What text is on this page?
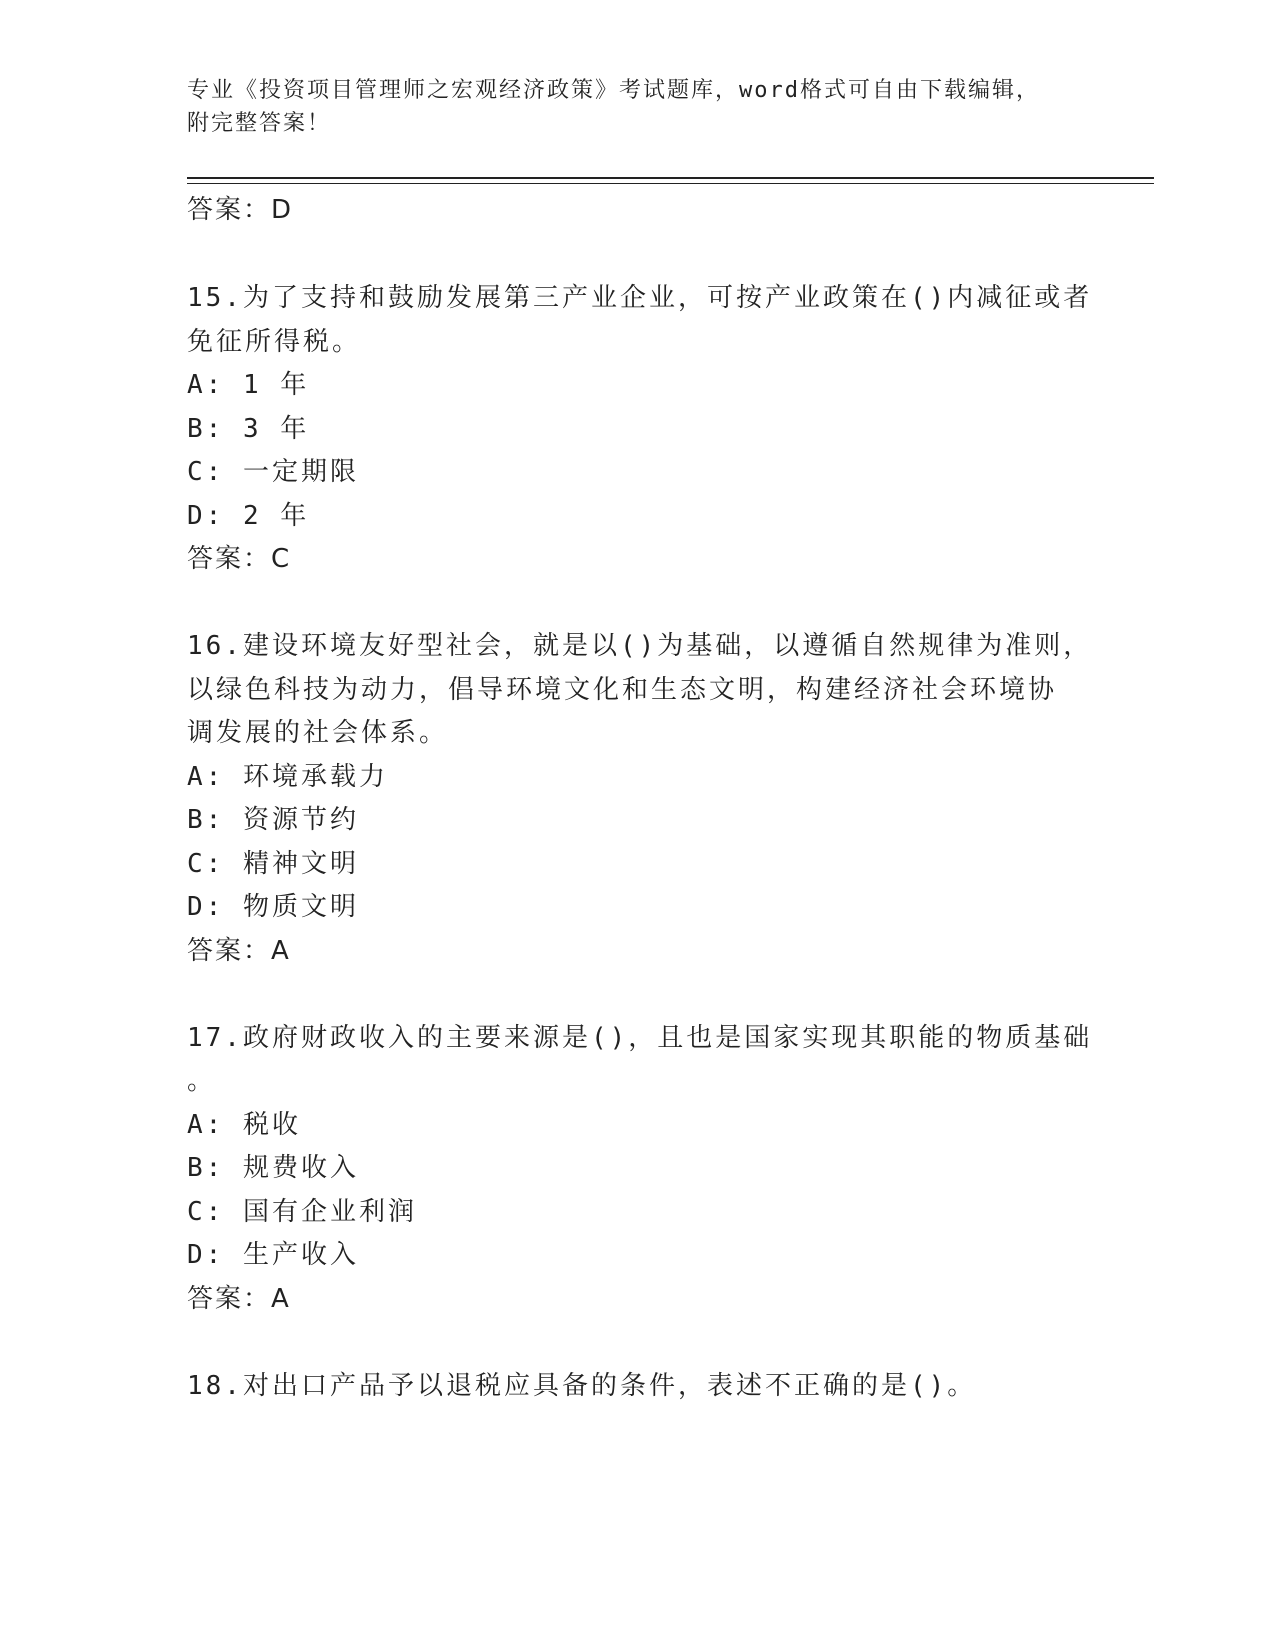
专业《投资项目管理师之宏观经济政策》考试题库，word格式可自由下载编辑，
附完整答案！
答案：D
15.为了支持和鼓励发展第三产业企业，可按产业政策在()内减征或者
免征所得税。
A: 1 年
B: 3 年
C: 一定期限
D: 2 年
答案：C
16.建设环境友好型社会，就是以()为基础，以遵循自然规律为准则，
以绿色科技为动力，倡导环境文化和生态文明，构建经济社会环境协
调发展的社会体系。
A: 环境承载力
B: 资源节约
C: 精神文明
D: 物质文明
答案：A
17.政府财政收入的主要来源是()，且也是国家实现其职能的物质基础
。
A: 税收
B: 规费收入
C: 国有企业利润
D: 生产收入
答案：A
18.对出口产品予以退税应具备的条件，表述不正确的是()。
